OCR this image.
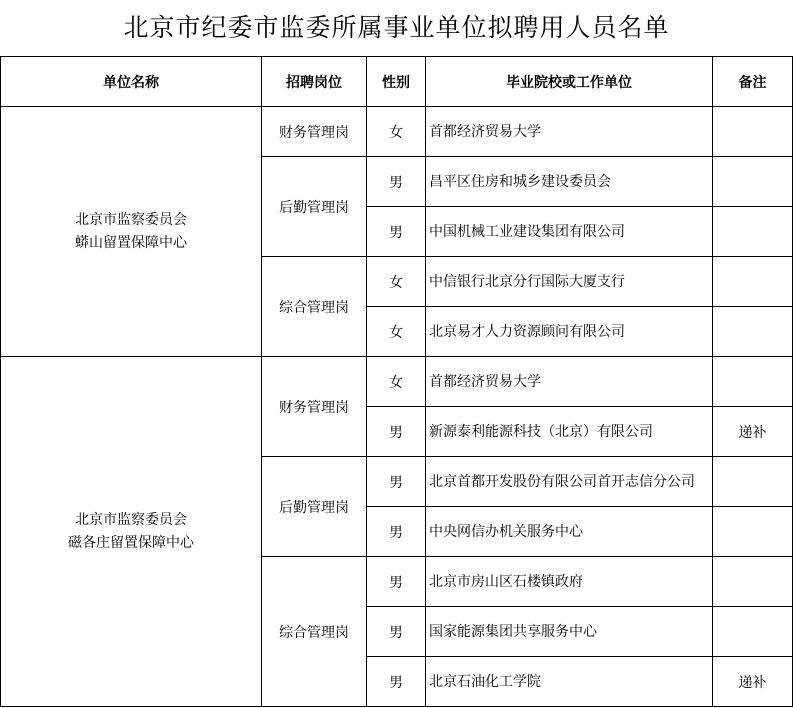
北京市纪委市监委所属事业单位拟聘用人员名单
单位名称	招聘岗位	性别	毕业院校或工作单位	备注

北京市监察委员会
蟒山留置保障中心	财务管理岗	女	首都经济贸易大学	
	后勤管理岗	男	昌平区住房和城乡建设委员会	
		男	中国机械工业建设集团有限公司	
	综合管理岗	女	中信银行北京分行国际大厦支行	
		女	北京易才人力资源顾问有限公司	

北京市监察委员会
磁各庄留置保障中心	财务管理岗	女	首都经济贸易大学	
		男	新源泰利能源科技（北京）有限公司	递补
	后勤管理岗	男	北京首都开发股份有限公司首开志信分公司	
		男	中央网信办机关服务中心	
	综合管理岗	男	北京市房山区石楼镇政府	
		男	国家能源集团共享服务中心	
		男	北京石油化工学院	递补
